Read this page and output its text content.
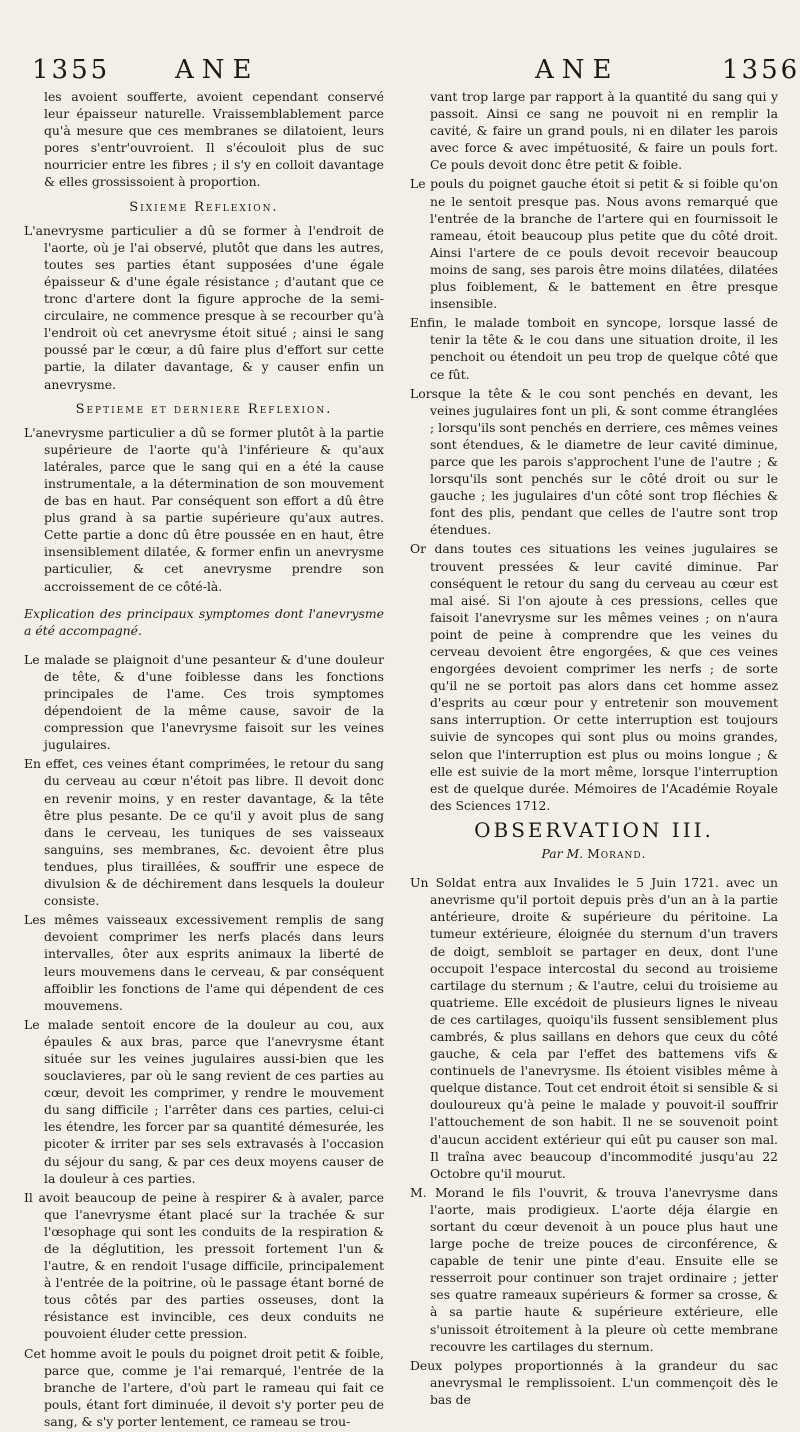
1355 ANE	ANE	1356

les avoient soufferte, avoient cependant conservé leur épaisseur naturelle. Vraissemblablement parce qu'à mesure que ces membranes se dilatoient, leurs pores s'entr'ouvroient. Il s'écouloit plus de suc nourricier entre les fibres ; il s'y en colloit davantage & elles grossissoient à proportion.

Sixieme Reflexion.

L'anevrysme particulier a dû se former à l'endroit de l'aorte, où je l'ai observé, plutôt que dans les autres, toutes ses parties étant supposées d'une égale épaisseur & d'une égale résistance ; d'autant que ce tronc d'artere dont la figure approche de la semi-circulaire, ne commence presque à se recourber qu'à l'endroit où cet anevrysme étoit situé ; ainsi le sang poussé par le cœur, a dû faire plus d'effort sur cette partie, la dilater davantage, & y causer enfin un anevrysme.

Septieme et derniere Reflexion.

L'anevrysme particulier a dû se former plutôt à la partie supérieure de l'aorte qu'à l'inférieure & qu'aux latérales, parce que le sang qui en a été la cause instrumentale, a la détermination de son mouvement de bas en haut. Par conséquent son effort a dû être plus grand à sa partie supérieure qu'aux autres. Cette partie a donc dû être poussée en en haut, être insensiblement dilatée, & former enfin un anevrysme particulier, & cet anevrysme prendre son accroissement de ce côté-là.

Explication des principaux symptomes dont l'anevrysme a été accompagné.

Le malade se plaignoit d'une pesanteur & d'une douleur de tête, & d'une foiblesse dans les fonctions principales de l'ame. Ces trois symptomes dépendoient de la même cause, savoir de la compression que l'anevrysme faisoit sur les veines jugulaires.

En effet, ces veines étant comprimées, le retour du sang du cerveau au cœur n'étoit pas libre. Il devoit donc en revenir moins, y en rester davantage, & la tête être plus pesante. De ce qu'il y avoit plus de sang dans le cerveau, les tuniques de ses vaisseaux sanguins, ses membranes, &c. devoient être plus tendues, plus tiraillées, & souffrir une espece de divulsion & de déchirement dans lesquels la douleur consiste.

Les mêmes vaisseaux excessivement remplis de sang devoient comprimer les nerfs placés dans leurs intervalles, ôter aux esprits animaux la liberté de leurs mouvemens dans le cerveau, & par conséquent affoiblir les fonctions de l'ame qui dépendent de ces mouvemens.

Le malade sentoit encore de la douleur au cou, aux épaules & aux bras, parce que l'anevrysme étant située sur les veines jugulaires aussi-bien que les souclavieres, par où le sang revient de ces parties au cœur, devoit les comprimer, y rendre le mouvement du sang difficile ; l'arrêter dans ces parties, celui-ci les étendre, les forcer par sa quantité démesurée, les picoter & irriter par ses sels extravasés à l'occasion du séjour du sang, & par ces deux moyens causer de la douleur à ces parties.

Il avoit beaucoup de peine à respirer & à avaler, parce que l'anevrysme étant placé sur la trachée & sur l'œsophage qui sont les conduits de la respiration & de la déglutition, les pressoit fortement l'un & l'autre, & en rendoit l'usage difficile, principalement à l'entrée de la poitrine, où le passage étant borné de tous côtés par des parties osseuses, dont la résistance est invincible, ces deux conduits ne pouvoient éluder cette pression.

Cet homme avoit le pouls du poignet droit petit & foible, parce que, comme je l'ai remarqué, l'entrée de la branche de l'artere, d'où part le rameau qui fait ce pouls, étant fort diminuée, il devoit s'y porter peu de sang, & s'y porter lentement, ce rameau se trou-

vant trop large par rapport à la quantité du sang qui y passoit. Ainsi ce sang ne pouvoit ni en remplir la cavité, & faire un grand pouls, ni en dilater les parois avec force & avec impétuosité, & faire un pouls fort. Ce pouls devoit donc être petit & foible.

Le pouls du poignet gauche étoit si petit & si foible qu'on ne le sentoit presque pas. Nous avons remarqué que l'entrée de la branche de l'artere qui en fournissoit le rameau, étoit beaucoup plus petite que du côté droit. Ainsi l'artere de ce pouls devoit recevoir beaucoup moins de sang, ses parois être moins dilatées, dilatées plus foiblement, & le battement en être presque insensible.

Enfin, le malade tomboit en syncope, lorsque lassé de tenir la tête & le cou dans une situation droite, il les penchoit ou étendoit un peu trop de quelque côté que ce fût.

Lorsque la tête & le cou sont penchés en devant, les veines jugulaires font un pli, & sont comme étranglées ; lorsqu'ils sont penchés en derriere, ces mêmes veines sont étendues, & le diametre de leur cavité diminue, parce que les parois s'approchent l'une de l'autre ; & lorsqu'ils sont penchés sur le côté droit ou sur le gauche ; les jugulaires d'un côté sont trop fléchies & font des plis, pendant que celles de l'autre sont trop étendues.

Or dans toutes ces situations les veines jugulaires se trouvent pressées & leur cavité diminue. Par conséquent le retour du sang du cerveau au cœur est mal aisé. Si l'on ajoute à ces pressions, celles que faisoit l'anevrysme sur les mêmes veines ; on n'aura point de peine à comprendre que les veines du cerveau devoient être engorgées, & que ces veines engorgées devoient comprimer les nerfs ; de sorte qu'il ne se portoit pas alors dans cet homme assez d'esprits au cœur pour y entretenir son mouvement sans interruption. Or cette interruption est toujours suivie de syncopes qui sont plus ou moins grandes, selon que l'interruption est plus ou moins longue ; & elle est suivie de la mort même, lorsque l'interruption est de quelque durée. Mémoires de l'Académie Royale des Sciences 1712.

OBSERVATION III.
Par M. Morand.

Un Soldat entra aux Invalides le 5 Juin 1721. avec un anevrisme qu'il portoit depuis près d'un an à la partie antérieure, droite & supérieure du péritoine. La tumeur extérieure, éloignée du sternum d'un travers de doigt, sembloit se partager en deux, dont l'une occupoit l'espace intercostal du second au troisieme cartilage du sternum ; & l'autre, celui du troisieme au quatrieme. Elle excédoit de plusieurs lignes le niveau de ces cartilages, quoiqu'ils fussent sensiblement plus cambrés, & plus saillans en dehors que ceux du côté gauche, & cela par l'effet des battemens vifs & continuels de l'anevrysme. Ils étoient visibles même à quelque distance. Tout cet endroit étoit si sensible & si douloureux qu'à peine le malade y pouvoit-il souffrir l'attouchement de son habit. Il ne se souvenoit point d'aucun accident extérieur qui eût pu causer son mal. Il traîna avec beaucoup d'incommodité jusqu'au 22 Octobre qu'il mourut.

M. Morand le fils l'ouvrit, & trouva l'anevrysme dans l'aorte, mais prodigieux. L'aorte déja élargie en sortant du cœur devenoit à un pouce plus haut une large poche de treize pouces de circonférence, & capable de tenir une pinte d'eau. Ensuite elle se resserroit pour continuer son trajet ordinaire ; jetter ses quatre rameaux supérieurs & former sa crosse, & à sa partie haute & supérieure extérieure, elle s'unissoit étroitement à la pleure où cette membrane recouvre les cartilages du sternum.

Deux polypes proportionnés à la grandeur du sac anevrysmal le remplissoient. L'un commençoit dès le bas de
